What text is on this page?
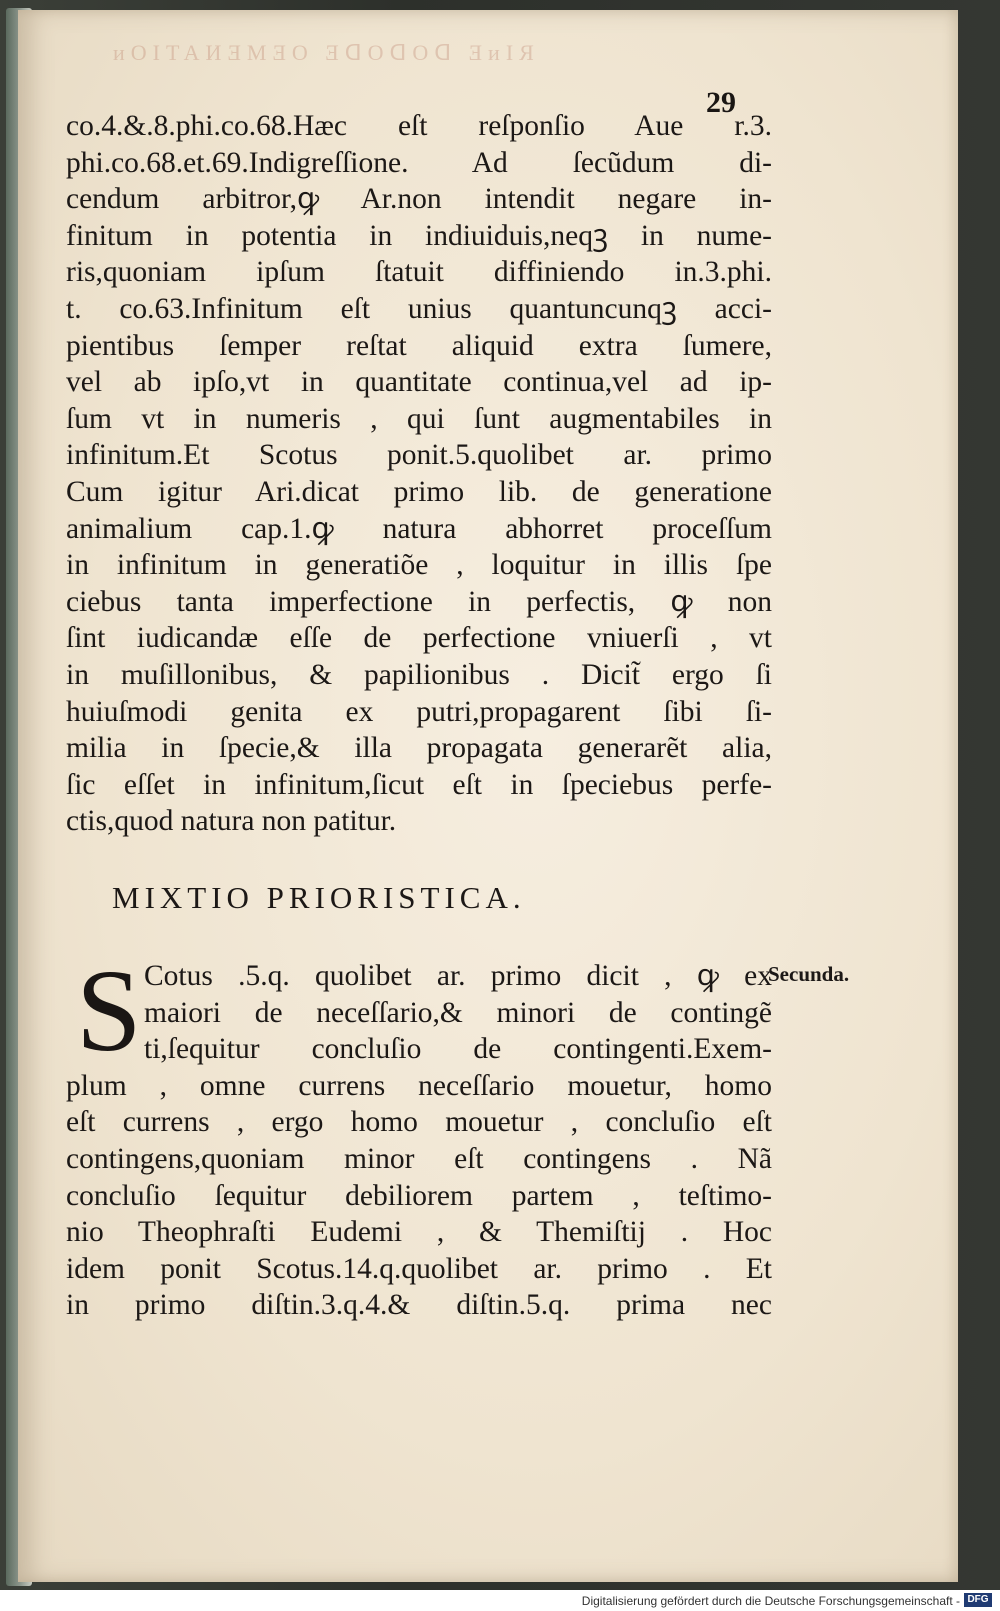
ᴎOITAИƎMƎO ƎᗡOᗡOᗡ ƎᴎIЯ
29
co.4.&.8.phi.co.68.Hæc eſt reſponſio Aue r.3.
phi.co.68.et.69.Indigreſſione. Ad ſecũdum di-
cendum arbitror,ꝙ Ar.non intendit negare in-
finitum in potentia in indiuiduis,neqꝫ in nume-
ris,quoniam ipſum ſtatuit diffiniendo in.3.phi.
t. co.63.Infinitum eſt unius quantuncunqꝫ acci-
pientibus ſemper reſtat aliquid extra ſumere,
vel ab ipſo,vt in quantitate continua,vel ad ip-
ſum vt in numeris , qui ſunt augmentabiles in
infinitum.Et Scotus ponit.5.quolibet ar. primo
Cum igitur Ari.dicat primo lib. de generatione
animalium cap.1.ꝙ natura abhorret proceſſum
in infinitum in generatiõe , loquitur in illis ſpe
ciebus tanta imperfectione in perfectis, ꝙ non
ſint iudicandæ eſſe de perfectione vniuerſi , vt
in muſillonibus, & papilionibus . Dicit̃ ergo ſi
huiuſmodi genita ex putri,propagarent ſibi ſi-
milia in ſpecie,& illa propagata generarẽt alia,
ſic eſſet in infinitum,ſicut eſt in ſpeciebus perfe-
ctis,quod natura non patitur.
MIXTIO PRIORISTICA.
S Cotus .5.q. quolibet ar. primo dicit , ꝙ ex
maiori de neceſſario,& minori de contingẽ
ti,ſequitur concluſio de contingenti.Exem-
plum , omne currens neceſſario mouetur, homo
eſt currens , ergo homo mouetur , concluſio eſt
contingens,quoniam minor eſt contingens . Nã
concluſio ſequitur debiliorem partem , teſtimo-
nio Theophraſti Eudemi , & Themiſtij . Hoc
idem ponit Scotus.14.q.quolibet ar. primo . Et
in primo diſtin.3.q.4.& diſtin.5.q. prima nec
Secunda.
Digitalisierung gefördert durch die Deutsche Forschungsgemeinschaft - DFG
